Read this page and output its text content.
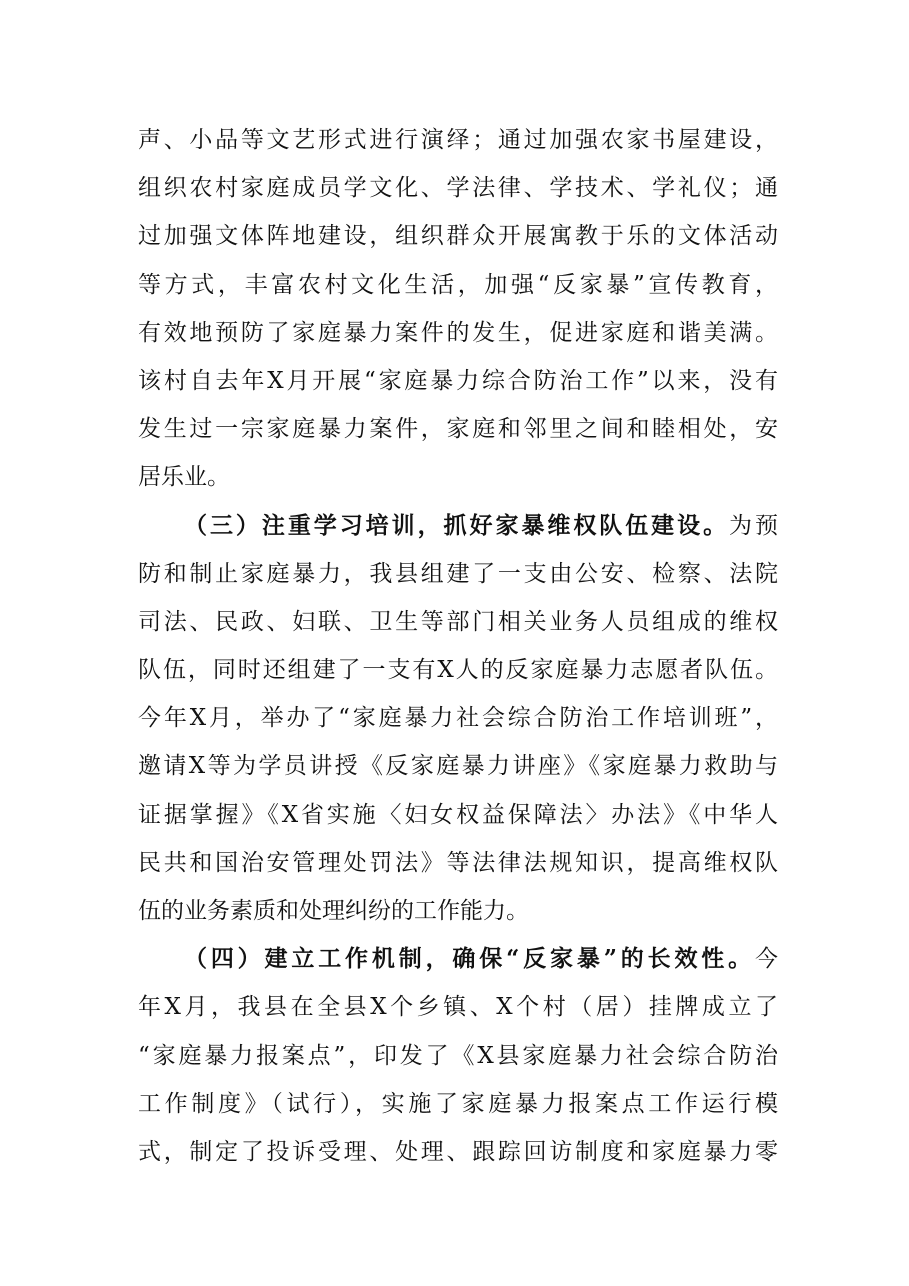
声、小品等文艺形式进行演绎；通过加强农家书屋建设，
组织农村家庭成员学文化、学法律、学技术、学礼仪；通
过加强文体阵地建设，组织群众开展寓教于乐的文体活动
等方式，丰富农村文化生活，加强“反家暴”宣传教育，
有效地预防了家庭暴力案件的发生，促进家庭和谐美满。
该村自去年X月开展“家庭暴力综合防治工作”以来，没有
发生过一宗家庭暴力案件，家庭和邻里之间和睦相处，安
居乐业。
（三）注重学习培训，抓好家暴维权队伍建设。为预
防和制止家庭暴力，我县组建了一支由公安、检察、法院
司法、民政、妇联、卫生等部门相关业务人员组成的维权
队伍，同时还组建了一支有X人的反家庭暴力志愿者队伍。
今年X月，举办了“家庭暴力社会综合防治工作培训班”，
邀请X等为学员讲授《反家庭暴力讲座》《家庭暴力救助与
证据掌握》《X省实施〈妇女权益保障法〉办法》《中华人
民共和国治安管理处罚法》等法律法规知识，提高维权队
伍的业务素质和处理纠纷的工作能力。
（四）建立工作机制，确保“反家暴”的长效性。今
年X月，我县在全县X个乡镇、X个村（居）挂牌成立了
“家庭暴力报案点”，印发了《X县家庭暴力社会综合防治
工作制度》（试行），实施了家庭暴力报案点工作运行模
式，制定了投诉受理、处理、跟踪回访制度和家庭暴力零
